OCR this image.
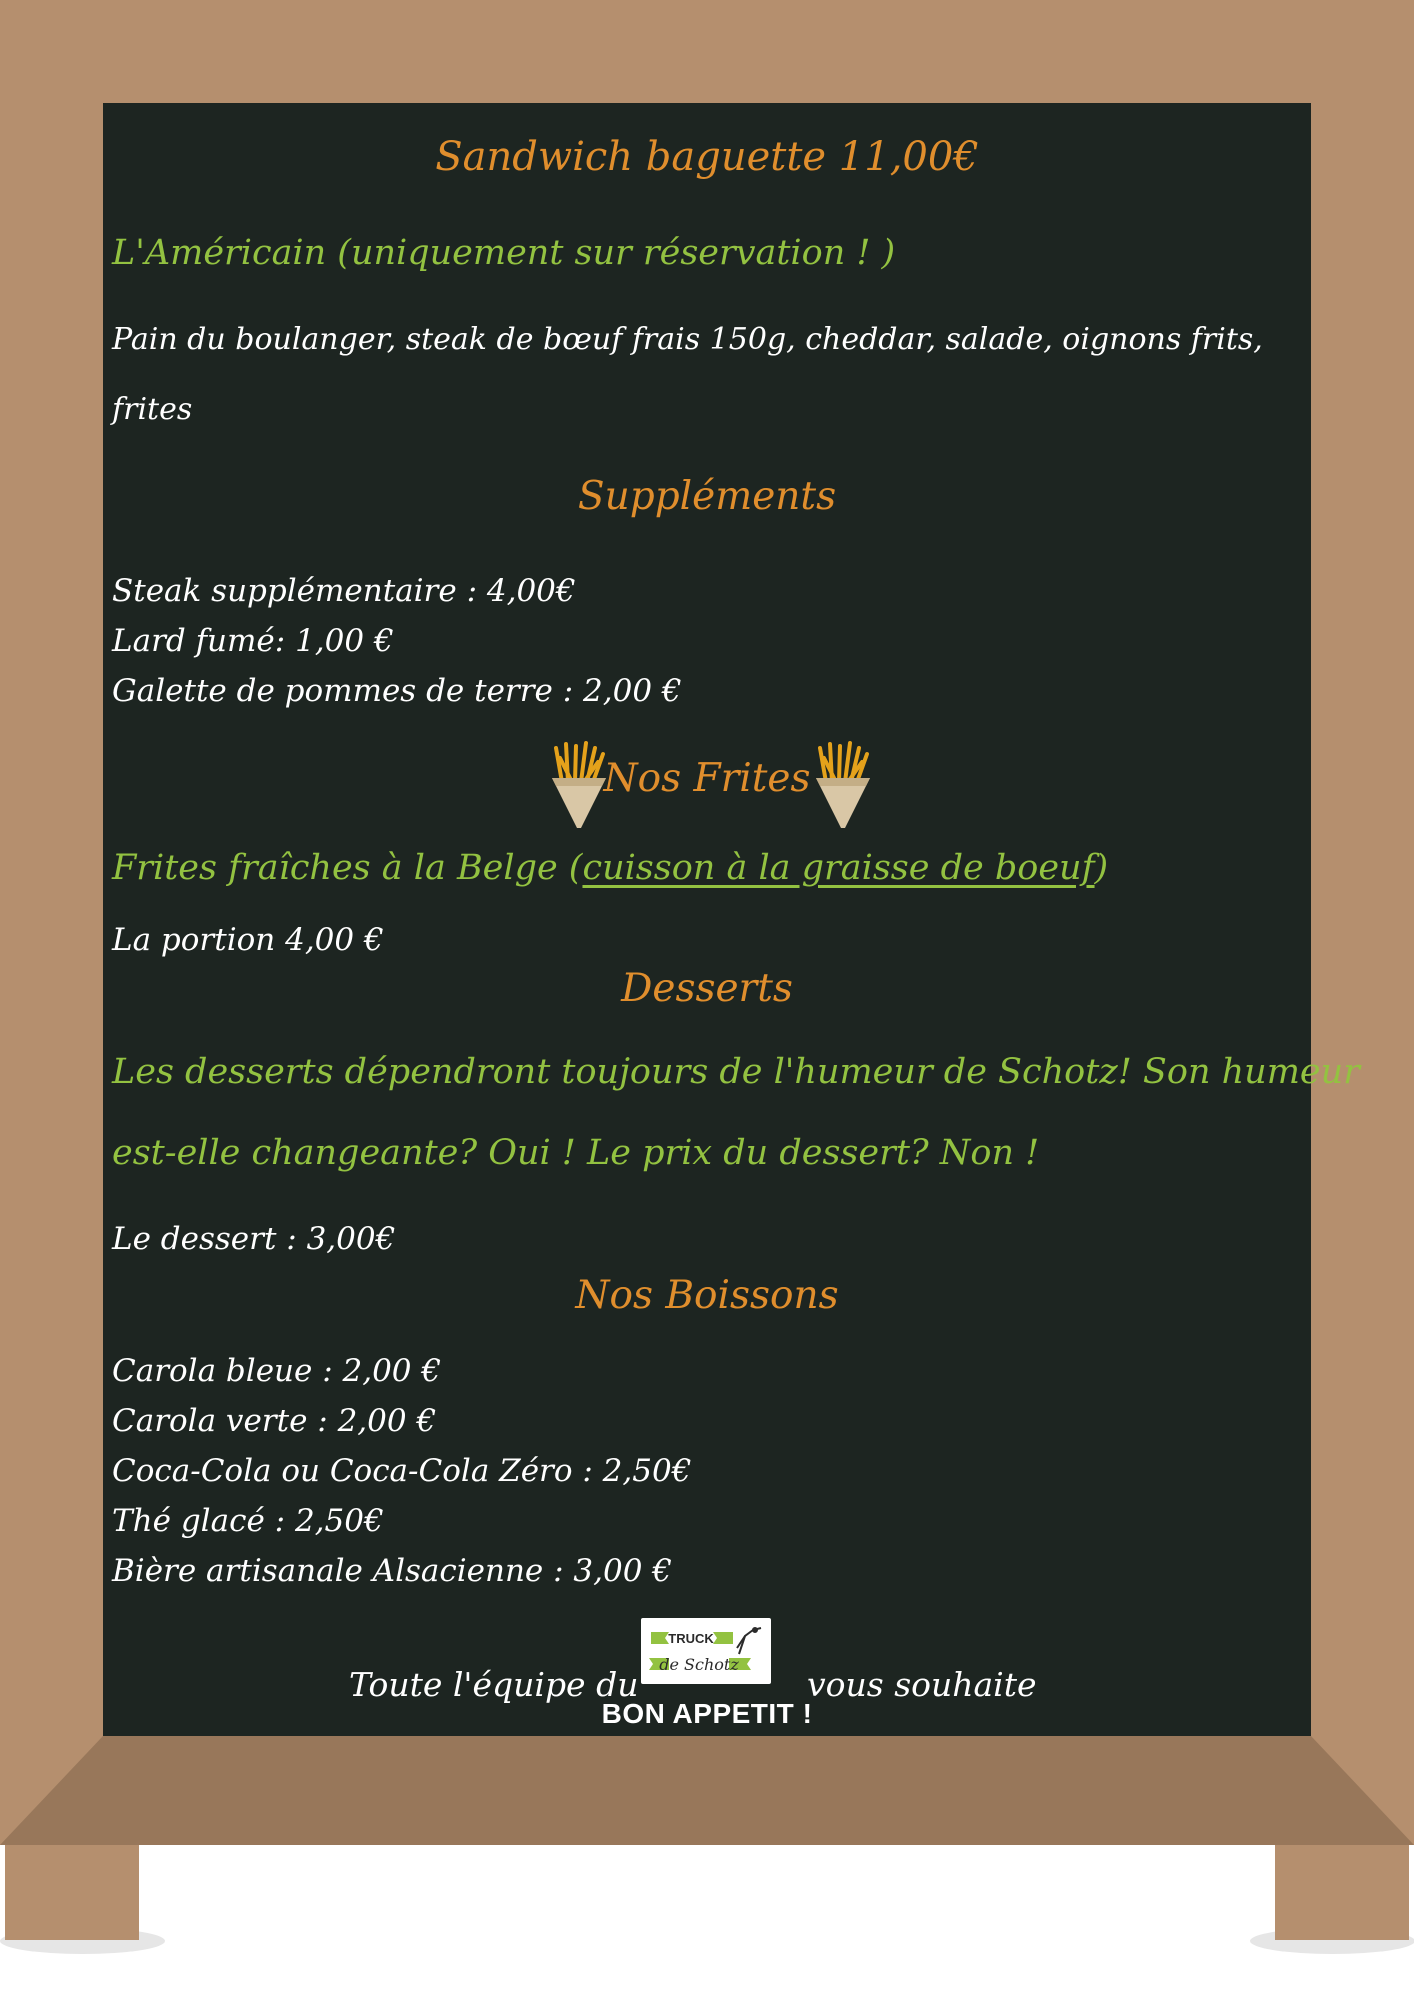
Sandwich baguette 11,00€

L'Américain (uniquement sur réservation ! )

Pain du boulanger, steak de bœuf frais 150g, cheddar, salade, oignons frits,

frites

Suppléments

Steak supplémentaire : 4,00€
Lard fumé: 1,00 €
Galette de pommes de terre : 2,00 €

Nos Frites

Frites fraîches à la Belge (cuisson à la graisse de boeuf)

La portion 4,00 €

Desserts

Les desserts dépendront toujours de l'humeur de Schotz! Son humeur

est-elle changeante? Oui ! Le prix du dessert? Non !

Le dessert : 3,00€

Nos Boissons

Carola bleue : 2,00 €
Carola verte : 2,00 €
Coca-Cola ou Coca-Cola Zéro : 2,50€
Thé glacé : 2,50€
Bière artisanale Alsacienne : 3,00 €

Toute l'équipe du

TRUCK
de Schotz

vous souhaite

BON APPETIT !
